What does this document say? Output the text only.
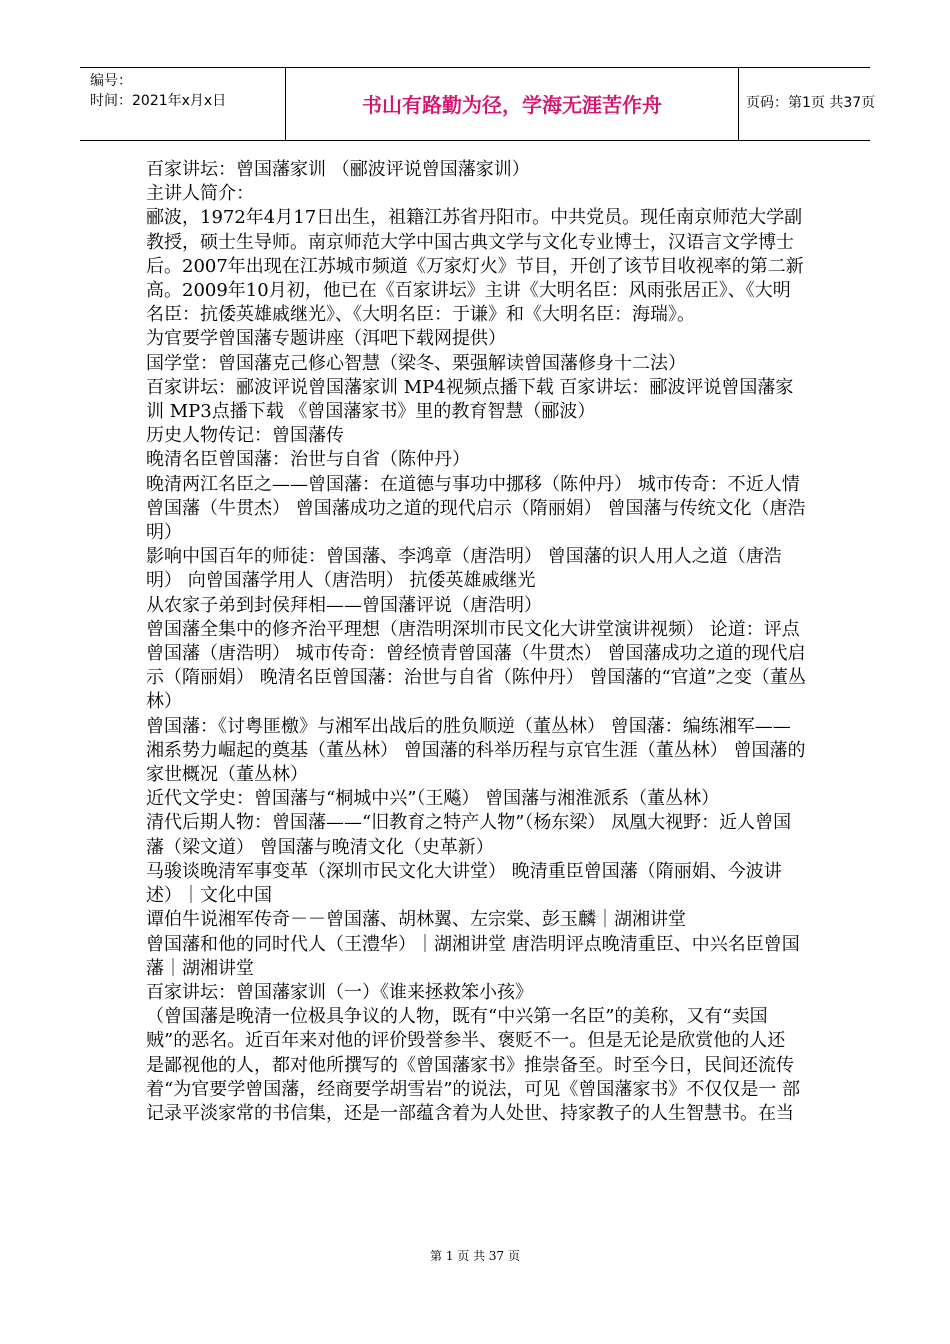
编号：
时间：2021年x月x日	书山有路勤为径，学海无涯苦作舟	页码：第1页 共37页

百家讲坛：曾国藩家训 （郦波评说曾国藩家训）

主讲人简介：

郦波，1972年4月17日出生，祖籍江苏省丹阳市。中共党员。现任南京师范大学副教授，硕士生导师。南京师范大学中国古典文学与文化专业博士，汉语言文学博士后。2007年出现在江苏城市频道《万家灯火》节目，开创了该节目收视率的第二新高。2009年10月初，他已在《百家讲坛》主讲《大明名臣：风雨张居正》、《大明名臣：抗倭英雄戚继光》、《大明名臣：于谦》和《大明名臣：海瑞》。

为官要学曾国藩专题讲座（洱吧下载网提供）

国学堂：曾国藩克己修心智慧（梁冬、栗强解读曾国藩修身十二法）

百家讲坛：郦波评说曾国藩家训 MP4视频点播下载 百家讲坛：郦波评说曾国藩家训 MP3点播下载 《曾国藩家书》里的教育智慧（郦波）

历史人物传记：曾国藩传

晚清名臣曾国藩：治世与自省（陈仲丹）

晚清两江名臣之——曾国藩：在道德与事功中挪移（陈仲丹） 城市传奇：不近人情 曾国藩（牛贯杰） 曾国藩成功之道的现代启示（隋丽娟） 曾国藩与传统文化（唐浩明）

影响中国百年的师徒：曾国藩、李鸿章（唐浩明） 曾国藩的识人用人之道（唐浩明） 向曾国藩学用人（唐浩明） 抗倭英雄戚继光

从农家子弟到封侯拜相——曾国藩评说（唐浩明）

曾国藩全集中的修齐治平理想（唐浩明深圳市民文化大讲堂演讲视频） 论道：评点曾国藩（唐浩明） 城市传奇：曾经愤青曾国藩（牛贯杰） 曾国藩成功之道的现代启示（隋丽娟） 晚清名臣曾国藩：治世与自省（陈仲丹） 曾国藩的“官道”之变（董丛林）

曾国藩：《讨粤匪檄》与湘军出战后的胜负顺逆（董丛林） 曾国藩：编练湘军——湘系势力崛起的奠基（董丛林） 曾国藩的科举历程与京官生涯（董丛林） 曾国藩的家世概况（董丛林）

近代文学史：曾国藩与“桐城中兴”（王飚） 曾国藩与湘淮派系（董丛林）

清代后期人物：曾国藩——“旧教育之特产人物”（杨东梁） 凤凰大视野：近人曾国藩（梁文道） 曾国藩与晚清文化（史革新）

马骏谈晚清军事变革（深圳市民文化大讲堂） 晚清重臣曾国藩（隋丽娟、今波讲述）｜文化中国

谭伯牛说湘军传奇－－曾国藩、胡林翼、左宗棠、彭玉麟｜湖湘讲堂

曾国藩和他的同时代人（王澧华）｜湖湘讲堂 唐浩明评点晚清重臣、中兴名臣曾国藩｜湖湘讲堂

百家讲坛：曾国藩家训（一）《谁来拯救笨小孩》

（曾国藩是晚清一位极具争议的人物，既有“中兴第一名臣”的美称，又有“卖国贼”的恶名。近百年来对他的评价毁誉参半、褒贬不一。但是无论是欣赏他的人还 是鄙视他的人，都对他所撰写的《曾国藩家书》推崇备至。时至今日，民间还流传着“为官要学曾国藩，经商要学胡雪岩”的说法，可见《曾国藩家书》不仅仅是一 部记录平淡家常的书信集，还是一部蕴含着为人处世、持家教子的人生智慧书。在当

第 1 页 共 37 页
